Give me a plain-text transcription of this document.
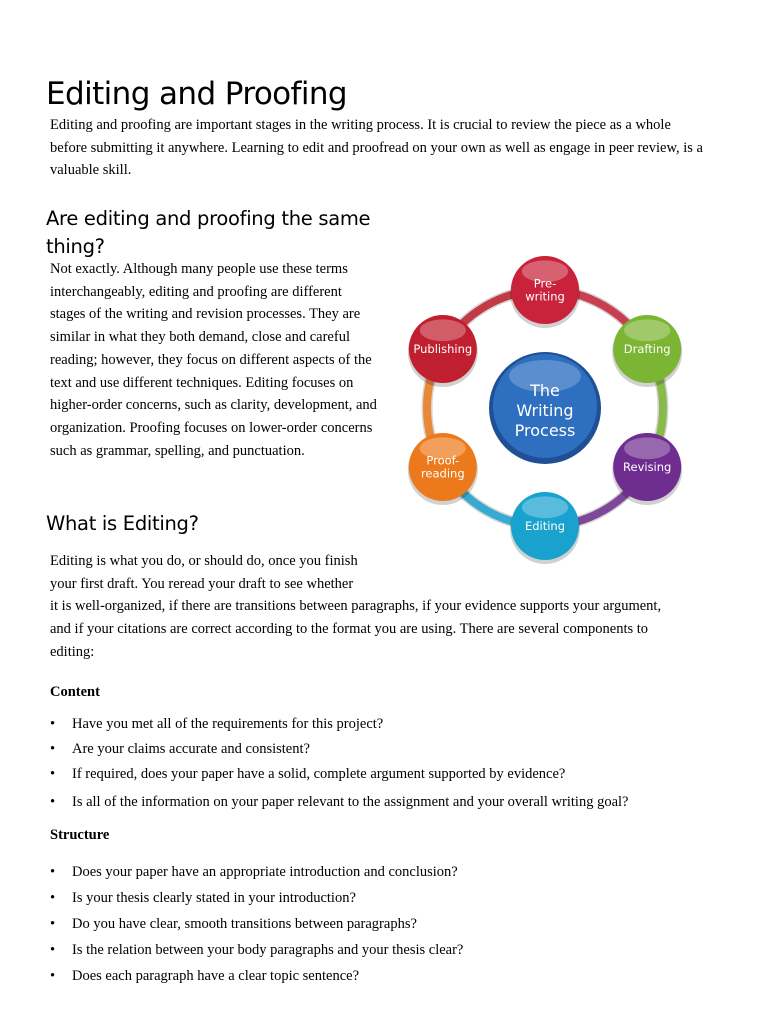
Editing and Proofing
Editing and proofing are important stages in the writing process. It is crucial to review the piece as a whole before submitting it anywhere. Learning to edit and proofread on your own as well as engage in peer review, is a valuable skill.
Are editing and proofing the same thing?
Not exactly. Although many people use these terms interchangeably, editing and proofing are different stages of the writing and revision processes. They are similar in what they both demand, close and careful reading; however, they focus on different aspects of the text and use different techniques. Editing focuses on higher-order concerns, such as clarity, development, and organization. Proofing focuses on lower-order concerns such as grammar, spelling, and punctuation.
Pre-
writing
Drafting
Revising
Editing
Proof-
reading
Publishing
The
Writing
Process
What is Editing?
Editing is what you do, or should do, once you finish your first draft. You reread your draft to see whether
it is well-organized, if there are transitions between paragraphs, if your evidence supports your argument, and if your citations are correct according to the format you are using. There are several components to editing:
Content
• Have you met all of the requirements for this project?
• Are your claims accurate and consistent?
• If required, does your paper have a solid, complete argument supported by evidence?
• Is all of the information on your paper relevant to the assignment and your overall writing goal?
Structure
• Does your paper have an appropriate introduction and conclusion?
• Is your thesis clearly stated in your introduction?
• Do you have clear, smooth transitions between paragraphs?
• Is the relation between your body paragraphs and your thesis clear?
• Does each paragraph have a clear topic sentence?
